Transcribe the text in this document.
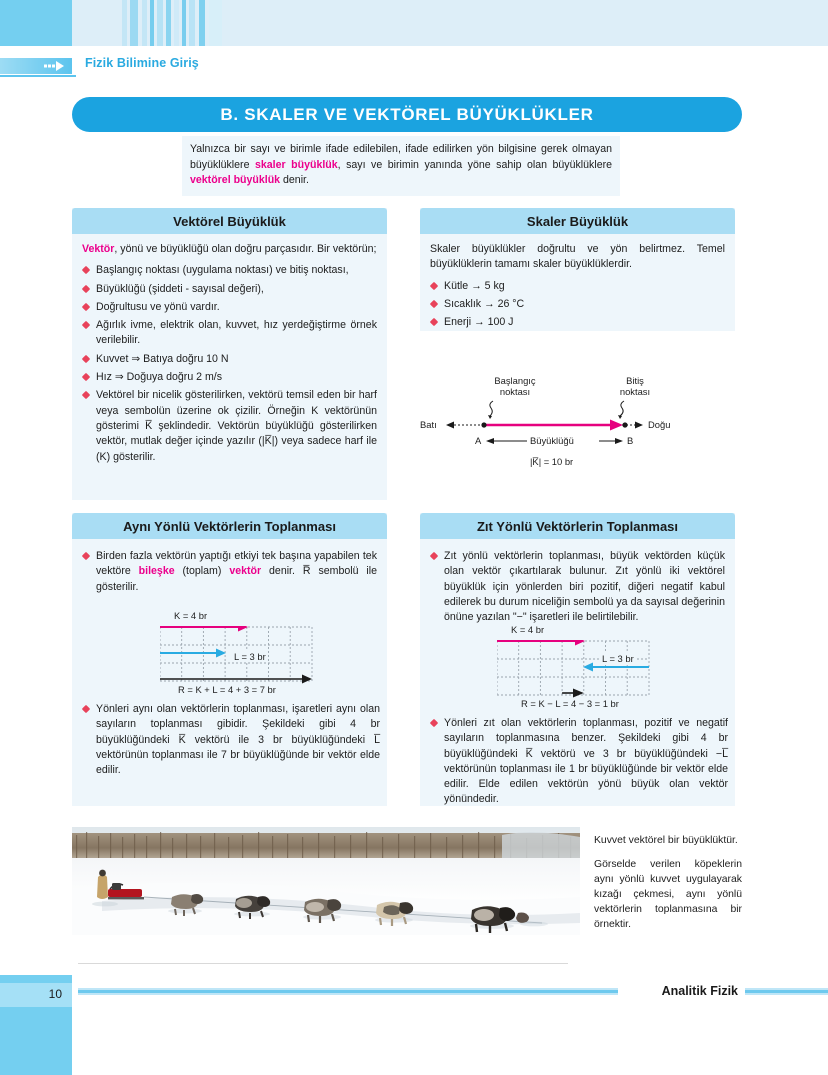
Fizik Bilimine Giriş
B. SKALER VE VEKTÖREL BÜYÜKLÜKLER
Yalnızca bir sayı ve birimle ifade edilebilen, ifade edilirken yön bilgisine gerek olmayan büyüklüklere skaler büyüklük, sayı ve birimin yanında yöne sahip olan büyüklüklere vektörel büyüklük denir.
Vektörel Büyüklük

Vektör, yönü ve büyüklüğü olan doğru parçasıdır. Bir vektörün;

Başlangıç noktası (uygulama noktası) ve bitiş noktası,
Büyüklüğü (şiddeti - sayısal değeri),
Doğrultusu ve yönü vardır.
Ağırlık ivme, elektrik olan, kuvvet, hız yerdeğiştirme örnek verilebilir.
Kuvvet ⇒ Batıya doğru 10 N
Hız ⇒ Doğuya doğru 2 m/s
Vektörel bir nicelik gösterilirken, vektörü temsil eden bir harf veya sembolün üzerine ok çizilir. Örneğin K vektörünün gösterimi K̅ şeklindedir. Vektörün büyüklüğü gösterilirken vektör, mutlak değer içinde yazılır (|K̅|) veya sadece harf ile (K) gösterilir.
Skaler Büyüklük

Skaler büyüklükler doğrultu ve yön belirtmez. Temel büyüklüklerin tamamı skaler büyüklüklerdir.

Kütle → 5 kg
Sıcaklık → 26 °C
Enerji → 100 J
Başlangıç
noktası
Bitiş
noktası
Batı	Doğu
A	B
Büyüklüğü
|K̅| = 10 br
Aynı Yönlü Vektörlerin Toplanması
Birden fazla vektörün yaptığı etkiyi tek başına yapabilen tek vektöre bileşke (toplam) vektör denir. R̅ sembolü ile gösterilir.
K = 4 br
L = 3 br
R = K + L = 4 + 3 = 7 br
Yönleri aynı olan vektörlerin toplanması, işaretleri aynı olan sayıların toplanması gibidir. Şekildeki gibi 4 br büyüklüğündeki K̅ vektörü ile 3 br büyüklüğündeki L̅ vektörünün toplanması ile 7 br büyüklüğünde bir vektör elde edilir.
Zıt Yönlü Vektörlerin Toplanması
Zıt yönlü vektörlerin toplanması, büyük vektörden küçük olan vektör çıkartılarak bulunur. Zıt yönlü iki vektörel büyüklük için yönlerden biri pozitif, diğeri negatif kabul edilerek bu durum niceliğin sembolü ya da sayısal değerinin önüne yazılan "−" işaretleri ile belirtilebilir.
K = 4 br
L = 3 br
R = K − L = 4 − 3 = 1 br
Yönleri zıt olan vektörlerin toplanması, pozitif ve negatif sayıların toplanmasına benzer. Şekildeki gibi 4 br büyüklüğündeki K̅ vektörü ve 3 br büyüklüğündeki −L̅ vektörünün toplanması ile 1 br büyüklüğünde bir vektör elde edilir. Elde edilen vektörün yönü büyük olan vektör yönündedir.

Kuvvet vektörel bir büyüklüktür.

Görselde verilen köpeklerin aynı yönlü kuvvet uygulayarak kızağı çekmesi, aynı yönlü vektörlerin toplanmasına bir örnektir.

10	Analitik Fizik
